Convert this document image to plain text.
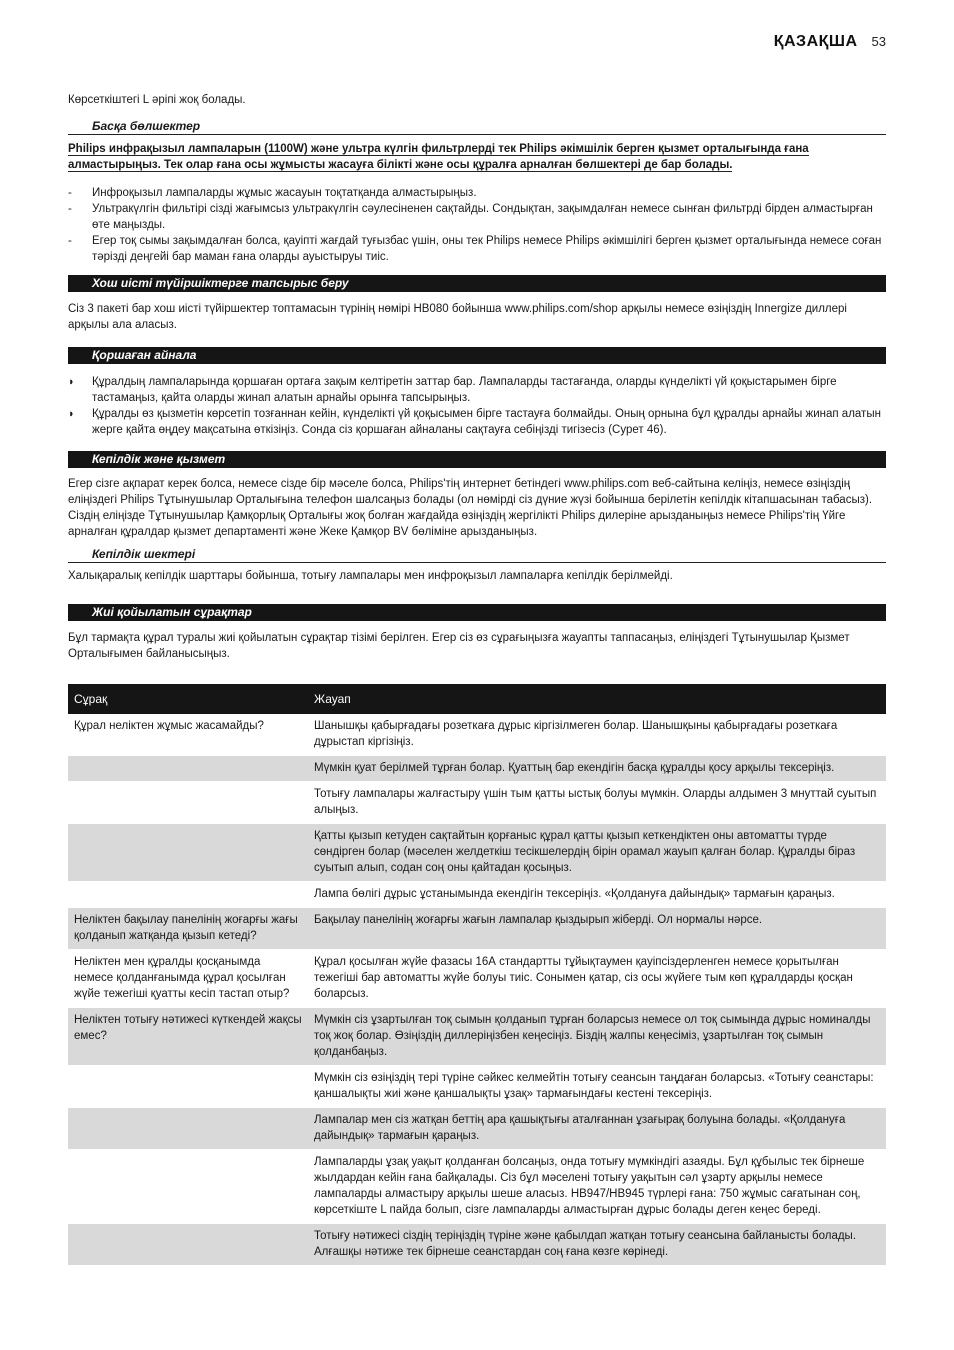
ҚАЗАҚША 53

Көрсеткіштегі L әріпі жоқ болады.

Басқа бөлшектер
Philips инфрақызыл лампаларын (1100W) және ультра күлгін фильтрлерді тек Philips әкімшілік берген қызмет орталығында ғана алмастырыңыз. Тек олар ғана осы жұмысты жасауға білікті және осы құралға арналған бөлшектері де бар болады.
- Инфроқызыл лампаларды жұмыс жасауын тоқтатқанда алмастырыңыз.
- Ультракүлгін фильтірі сізді жағымсыз ультракүлгін сәулесіненен сақтайды. Сондықтан, зақымдалған немесе сынған фильтрді бірден алмастырған өте маңызды.
- Егер тоқ сымы зақымдалған болса, қауіпті жағдай туғызбас үшін, оны тек Philips немесе Philips әкімшілігі берген қызмет орталығында немесе соған тәрізді деңгейі бар маман ғана оларды ауыстыруы тиіс.
Хош иісті түйіршіктерге тапсырыс беру

Сіз 3 пакеті бар хош иісті түйіршектер топтамасын түрінің нөмірі HB080 бойынша www.philips.com/shop арқылы немесе өзіңіздің Innergize диллері арқылы ала аласыз.

Қоршаған айнала
◗ Құралдың лампаларында қоршаған ортаға зақым келтіретін заттар бар. Лампаларды тастағанда, оларды күнделікті үй қоқыстарымен бірге тастамаңыз, қайта оларды жинап алатын арнайы орынға тапсырыңыз.
◗ Құралды өз қызметін көрсетіп тозғаннан кейін, күнделікті үй қоқысымен бірге тастауға болмайды. Оның орнына бұл құралды арнайы жинап алатын жерге қайта өңдеу мақсатына өткізіңіз. Сонда сіз қоршаған айналаны сақтауға себіңізді тигізесіз (Сурет 46).
Кепілдік және қызмет

Егер сізге ақпарат керек болса, немесе сізде бір мәселе болса, Philips'тің интернет бетіндегі www.philips.com веб-сайтына келіңіз, немесе өзіңіздің еліңіздегі Philips Тұтынушылар Орталығына телефон шалсаңыз болады (ол нөмірді сіз дүние жүзі бойынша берілетін кепілдік кітапшасынан табасыз). Сіздің еліңізде Тұтынушылар Қамқорлық Орталығы жоқ болған жағдайда өзіңіздің жергілікті Philips дилеріне арызданыңыз немесе Philips'тің Үйге арналған құралдар қызмет департаменті және Жеке Қамқор BV бөліміне арызданыңыз.

Кепілдік шектері

Халықаралық кепілдік шарттары бойынша, тотығу лампалары мен инфроқызыл лампаларға кепілдік берілмейді.

Жиі қойылатын сұрақтар

Бұл тармақта құрал туралы жиі қойылатын сұрақтар тізімі берілген. Егер сіз өз сұрағыңызға жауапты таппасаңыз, еліңіздегі Тұтынушылар Қызмет Орталығымен байланысыңыз.

Сұрақ	Жауап
Құрал неліктен жұмыс жасамайды?	Шанышқы қабырғадағы розеткаға дұрыс кіргізілмеген болар. Шанышқыны қабырғадағы розеткаға дұрыстап кіргізіңіз.
	Мүмкін қуат берілмей тұрған болар. Қуаттың бар екендігін басқа құралды қосу арқылы тексеріңіз.
	Тотығу лампалары жалғастыру үшін тым қатты ыстық болуы мүмкін. Оларды алдымен 3 мнуттай суытып алыңыз.
	Қатты қызып кетуден сақтайтын қорғаныс құрал қатты қызып кеткендіктен оны автоматты түрде сөндірген болар (мәселен желдеткіш тесікшелердің бірін орамал жауып қалған болар. Құралды біраз суытып алып, содан соң оны қайтадан қосыңыз.
	Лампа бөлігі дұрыс ұстанымында екендігін тексеріңіз. «Қолдануға дайындық» тармағын қараңыз.
Неліктен бақылау панелінің жоғарғы жағы қолданып жатқанда қызып кетеді?	Бақылау панелінің жоғарғы жағын лампалар қыздырып жіберді. Ол нормалы нәрсе.
Неліктен мен құралды қосқанымда немесе қолданғанымда құрал қосылған жүйе тежегіші қуатты кесіп тастап отыр?	Құрал қосылған жүйе фазасы 16А стандартты тұйықтаумен қауіпсіздерленген немесе қорытылған тежегіші бар автоматты жүйе болуы тиіс. Сонымен қатар, сіз осы жүйеге тым көп құралдарды қосқан боларсыз.
Неліктен тотығу нәтижесі күткендей жақсы емес?	Мүмкін сіз ұзартылған тоқ сымын қолданып тұрған боларсыз немесе ол тоқ сымында дұрыс номиналды тоқ жоқ болар. Өзіңіздің диллеріңізбен кеңесіңіз. Біздің жалпы кеңесіміз, ұзартылған тоқ сымын қолданбаңыз.
	Мүмкін сіз өзіңіздің тері түріне сәйкес келмейтін тотығу сеансын таңдаған боларсыз. «Тотығу сеанстары: қаншалықты жиі және қаншалықты ұзақ» тармағындағы кестені тексеріңіз.
	Лампалар мен сіз жатқан беттің ара қашықтығы аталғаннан ұзағырақ болуына болады. «Қолдануға дайындық» тармағын қараңыз.
	Лампаларды ұзақ уақыт қолданған болсаңыз, онда тотығу мүмкіндігі азаяды. Бұл құбылыс тек бірнеше жылдардан кейін ғана байқалады. Сіз бұл мәселені тотығу уақытын сәл ұзарту арқылы немесе лампаларды алмастыру арқылы шеше аласыз. HB947/HB945 түрлері ғана: 750 жұмыс сағатынан соң, көрсеткіште L пайда болып, сізге лампаларды алмастырған дұрыс болады деген кеңес береді.
	Тотығу нәтижесі сіздің теріңіздің түріне және қабылдап жатқан тотығу сеансына байланысты болады. Алғашқы нәтиже тек бірнеше сеанстардан соң ғана көзге көрінеді.
